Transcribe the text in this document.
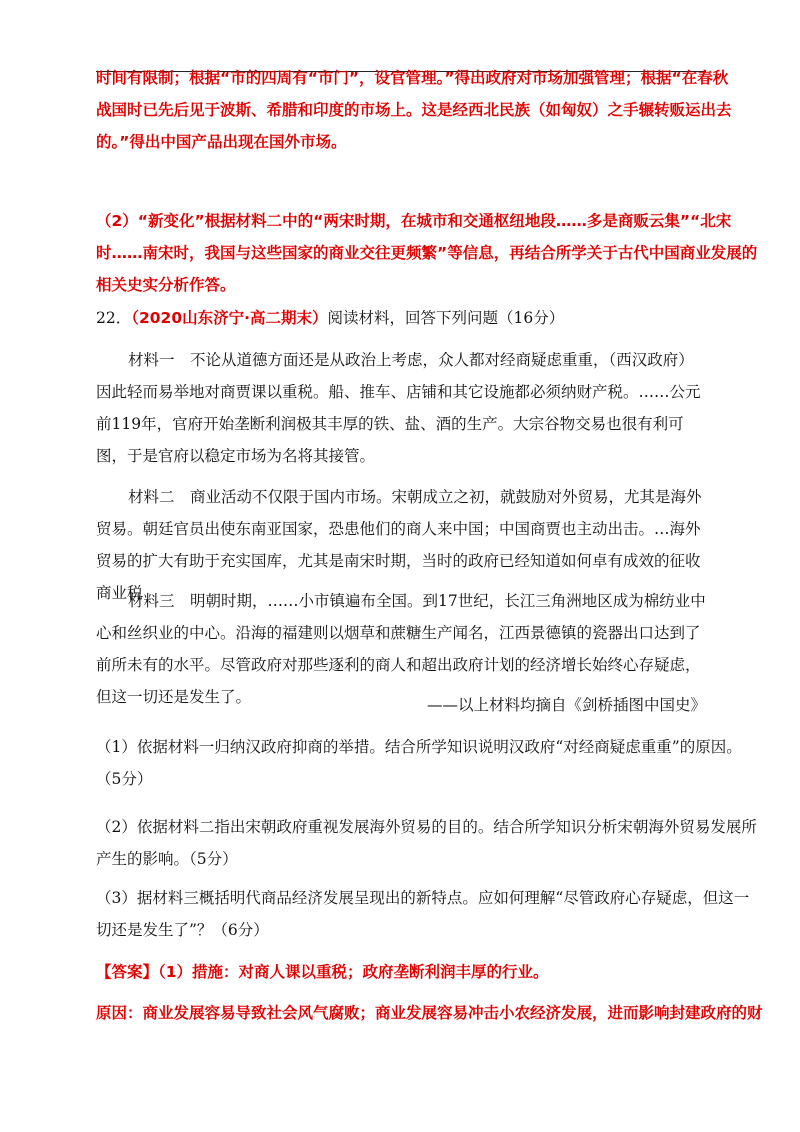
时间有限制；根据“市的四周有“市门”，设官管理。”得出政府对市场加强管理；根据“在春秋
战国时已先后见于波斯、希腊和印度的市场上。这是经西北民族（如匈奴）之手辗转贩运出去
的。”得出中国产品出现在国外市场。
（2）“新变化”根据材料二中的“两宋时期，在城市和交通枢纽地段……多是商贩云集”“北宋
时……南宋时，我国与这些国家的商业交往更频繁”等信息，再结合所学关于古代中国商业发展的
相关史实分析作答。
22．（2020山东济宁·高二期末）阅读材料，回答下列问题（16分）
材料一　不论从道德方面还是从政治上考虑，众人都对经商疑虑重重，（西汉政府）因此轻而易举地对商贾课以重税。船、推车、店铺和其它设施都必须纳财产税。……公元前119年，官府开始垄断利润极其丰厚的铁、盐、酒的生产。大宗谷物交易也很有利可图，于是官府以稳定市场为名将其接管。
材料二　商业活动不仅限于国内市场。宋朝成立之初，就鼓励对外贸易，尤其是海外贸易。朝廷官员出使东南亚国家，恐患他们的商人来中国；中国商贾也主动出击。…海外贸易的扩大有助于充实国库，尤其是南宋时期，当时的政府已经知道如何卓有成效的征收商业税
材料三　明朝时期，……小市镇遍布全国。到17世纪，长江三角洲地区成为棉纺业中心和丝织业的中心。沿海的福建则以烟草和蔗糖生产闻名，江西景德镇的瓷器出口达到了前所未有的水平。尽管政府对那些逐利的商人和超出政府计划的经济增长始终心存疑虑，但这一切还是发生了。	——以上材料均摘自《剑桥插图中国史》
（1）依据材料一归纳汉政府抑商的举措。结合所学知识说明汉政府“对经商疑虑重重”的原因。
（5分）
（2）依据材料二指出宋朝政府重视发展海外贸易的目的。结合所学知识分析宋朝海外贸易发展所
产生的影响。（5分）
（3）据材料三概括明代商品经济发展呈现出的新特点。应如何理解“尽管政府心存疑虑，但这一
切还是发生了”？（6分）
【答案】（1）措施：对商人课以重税；政府垄断利润丰厚的行业。
原因：商业发展容易导致社会风气腐败；商业发展容易冲击小农经济发展，进而影响封建政府的财
